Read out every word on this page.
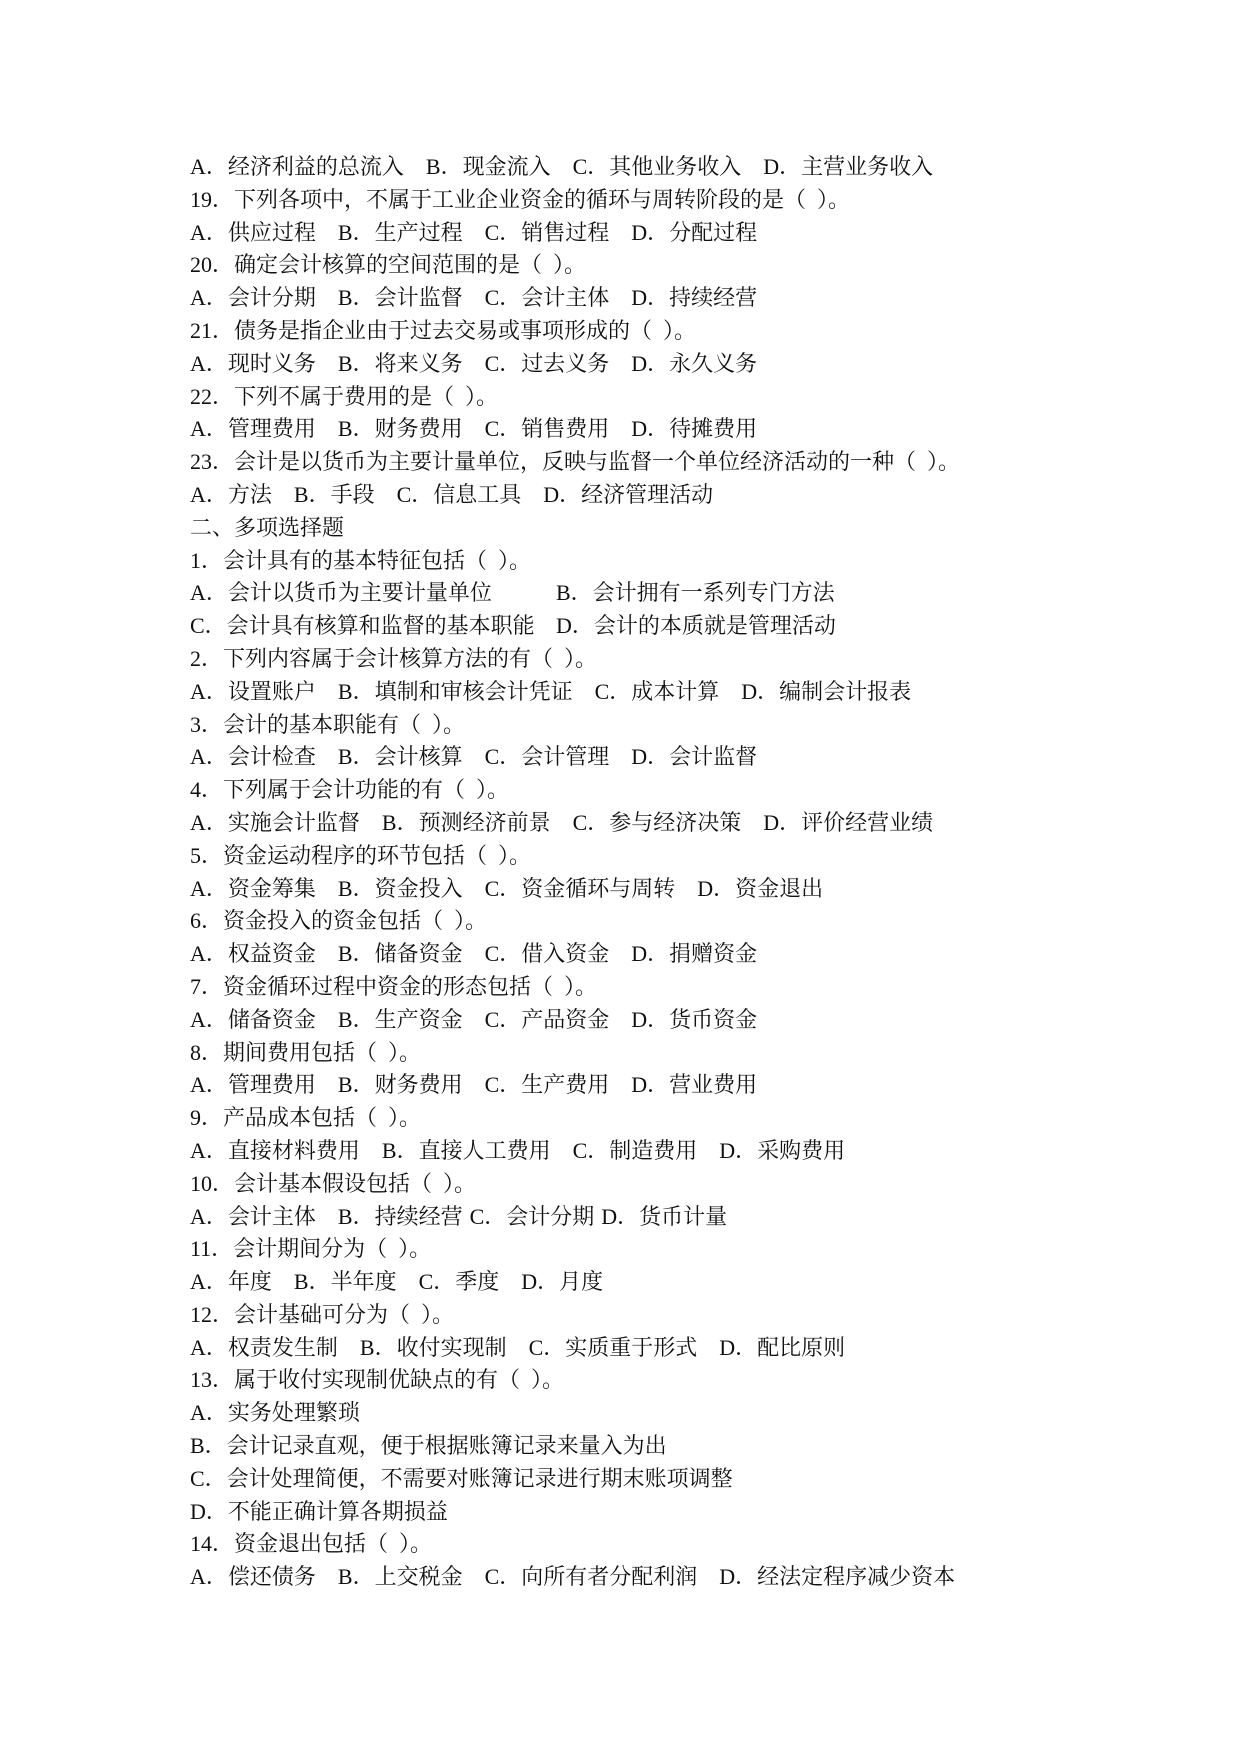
A．经济利益的总流入 B．现金流入 C．其他业务收入 D．主营业务收入
19．下列各项中，不属于工业企业资金的循环与周转阶段的是（  ）。
A．供应过程 B．生产过程 C．销售过程 D．分配过程
20．确定会计核算的空间范围的是（  ）。
A．会计分期 B．会计监督 C．会计主体 D．持续经营
21．债务是指企业由于过去交易或事项形成的（  ）。
A．现时义务 B．将来义务 C．过去义务 D．永久义务
22．下列不属于费用的是（  ）。
A．管理费用 B．财务费用 C．销售费用 D．待摊费用
23．会计是以货币为主要计量单位，反映与监督一个单位经济活动的一种（  ）。
A．方法 B．手段 C．信息工具 D．经济管理活动
二、多项选择题
1．会计具有的基本特征包括（  ）。
A．会计以货币为主要计量单位	B．会计拥有一系列专门方法
C．会计具有核算和监督的基本职能 D．会计的本质就是管理活动
2．下列内容属于会计核算方法的有（  ）。
A．设置账户 B．填制和审核会计凭证 C．成本计算 D．编制会计报表
3．会计的基本职能有（  ）。
A．会计检查 B．会计核算 C．会计管理 D．会计监督
4．下列属于会计功能的有（  ）。
A．实施会计监督 B．预测经济前景 C．参与经济决策 D．评价经营业绩
5．资金运动程序的环节包括（  ）。
A．资金筹集 B．资金投入 C．资金循环与周转 D．资金退出
6．资金投入的资金包括（  ）。
A．权益资金 B．储备资金 C．借入资金 D．捐赠资金
7．资金循环过程中资金的形态包括（  ）。
A．储备资金 B．生产资金 C．产品资金 D．货币资金
8．期间费用包括（  ）。
A．管理费用 B．财务费用 C．生产费用 D．营业费用
9．产品成本包括（  ）。
A．直接材料费用 B．直接人工费用 C．制造费用 D．采购费用
10．会计基本假设包括（  ）。
A．会计主体 B．持续经营 C．会计分期 D．货币计量
11．会计期间分为（  ）。
A．年度 B．半年度 C．季度 D．月度
12．会计基础可分为（  ）。
A．权责发生制 B．收付实现制 C．实质重于形式 D．配比原则
13．属于收付实现制优缺点的有（  ）。
A．实务处理繁琐
B．会计记录直观，便于根据账簿记录来量入为出
C．会计处理简便，不需要对账簿记录进行期末账项调整
D．不能正确计算各期损益
14．资金退出包括（  ）。
A．偿还债务 B．上交税金 C．向所有者分配利润 D．经法定程序减少资本
